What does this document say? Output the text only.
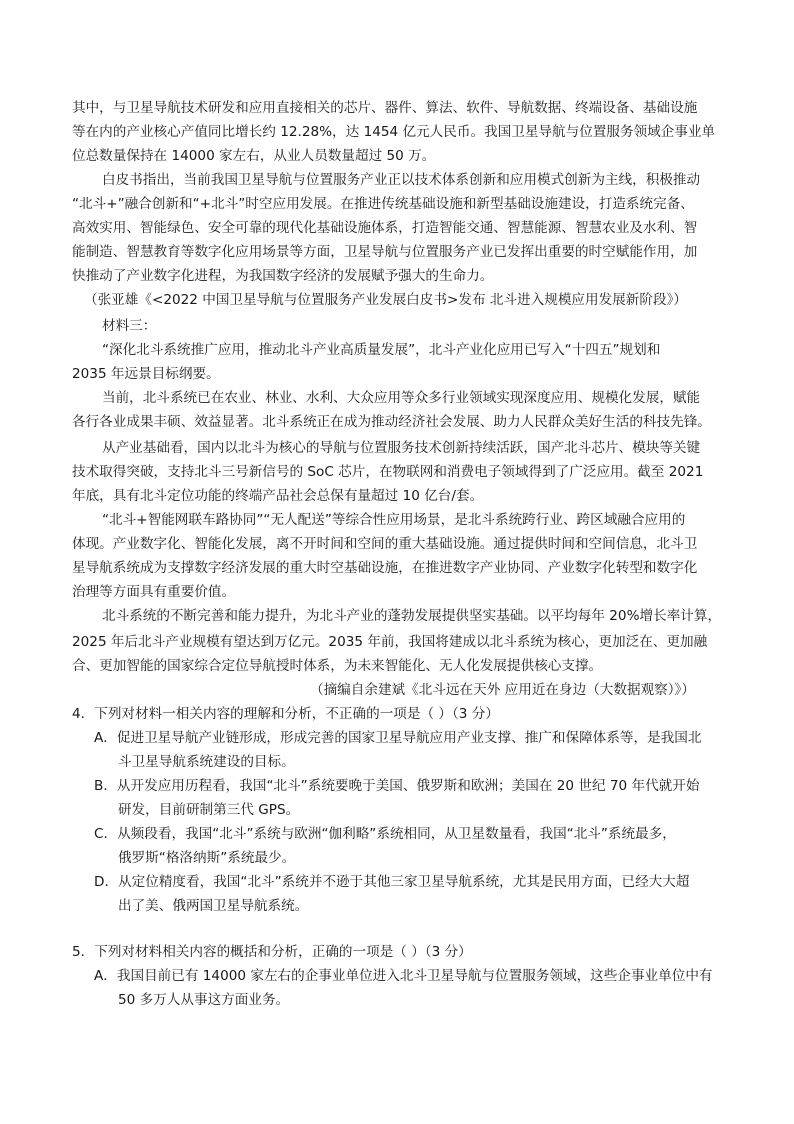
其中，与卫星导航技术研发和应用直接相关的芯片、器件、算法、软件、导航数据、终端设备、基础设施
等在内的产业核心产值同比增长约 12.28%，达 1454 亿元人民币。我国卫星导航与位置服务领域企事业单
位总数量保持在 14000 家左右，从业人员数量超过 50 万。
白皮书指出，当前我国卫星导航与位置服务产业正以技术体系创新和应用模式创新为主线，积极推动
“北斗+”融合创新和“+北斗”时空应用发展。在推进传统基础设施和新型基础设施建设，打造系统完备、
高效实用、智能绿色、安全可靠的现代化基础设施体系，打造智能交通、智慧能源、智慧农业及水利、智
能制造、智慧教育等数字化应用场景等方面，卫星导航与位置服务产业已发挥出重要的时空赋能作用，加
快推动了产业数字化进程，为我国数字经济的发展赋予强大的生命力。
（张亚雄《<2022 中国卫星导航与位置服务产业发展白皮书>发布 北斗进入规模应用发展新阶段》）
材料三：
“深化北斗系统推广应用，推动北斗产业高质量发展”，北斗产业化应用已写入“十四五”规划和
2035 年远景目标纲要。
当前，北斗系统已在农业、林业、水利、大众应用等众多行业领域实现深度应用、规模化发展，赋能
各行各业成果丰硕、效益显著。北斗系统正在成为推动经济社会发展、助力人民群众美好生活的科技先锋。
从产业基础看，国内以北斗为核心的导航与位置服务技术创新持续活跃，国产北斗芯片、模块等关键
技术取得突破，支持北斗三号新信号的 SoC 芯片，在物联网和消费电子领域得到了广泛应用。截至 2021
年底，具有北斗定位功能的终端产品社会总保有量超过 10 亿台/套。
“北斗+智能网联车路协同”“无人配送”等综合性应用场景，是北斗系统跨行业、跨区域融合应用的
体现。产业数字化、智能化发展，离不开时间和空间的重大基础设施。通过提供时间和空间信息，北斗卫
星导航系统成为支撑数字经济发展的重大时空基础设施，在推进数字产业协同、产业数字化转型和数字化
治理等方面具有重要价值。
北斗系统的不断完善和能力提升，为北斗产业的蓬勃发展提供坚实基础。以平均每年 20%增长率计算，
2025 年后北斗产业规模有望达到万亿元。2035 年前，我国将建成以北斗系统为核心，更加泛在、更加融
合、更加智能的国家综合定位导航授时体系，为未来智能化、无人化发展提供核心支撑。
（摘编自余建斌《北斗远在天外 应用近在身边（大数据观察）》）
4．下列对材料一相关内容的理解和分析，不正确的一项是（ ）（3 分）
A．促进卫星导航产业链形成，形成完善的国家卫星导航应用产业支撑、推广和保障体系等，是我国北
斗卫星导航系统建设的目标。
B．从开发应用历程看，我国“北斗”系统要晚于美国、俄罗斯和欧洲；美国在 20 世纪 70 年代就开始
研发，目前研制第三代 GPS。
C．从频段看，我国“北斗”系统与欧洲“伽利略”系统相同，从卫星数量看，我国“北斗”系统最多，
俄罗斯“格洛纳斯”系统最少。
D．从定位精度看，我国“北斗”系统并不逊于其他三家卫星导航系统，尤其是民用方面，已经大大超
出了美、俄两国卫星导航系统。
5．下列对材料相关内容的概括和分析，正确的一项是（ ）（3 分）
A．我国目前已有 14000 家左右的企事业单位进入北斗卫星导航与位置服务领域，这些企事业单位中有
50 多万人从事这方面业务。
